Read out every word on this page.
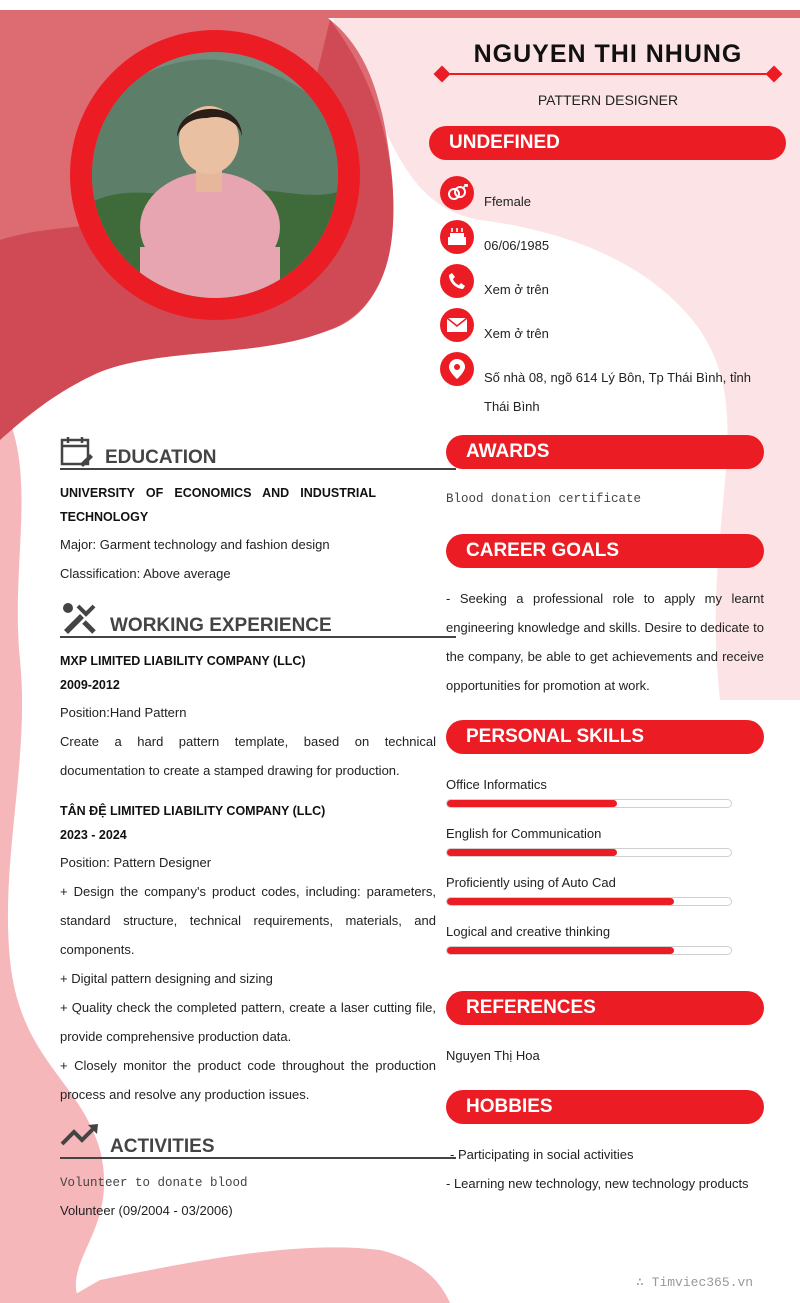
NGUYEN THI NHUNG
PATTERN DESIGNER
UNDEFINED
Ffemale
06/06/1985
Xem ở trên
Xem ở trên
Số nhà 08, ngõ 614 Lý Bôn, Tp Thái Bình, tỉnh
Thái Bình
EDUCATION
UNIVERSITY OF ECONOMICS AND INDUSTRIAL
TECHNOLOGY
Major: Garment technology and fashion design
Classification: Above average
WORKING EXPERIENCE
MXP LIMITED LIABILITY COMPANY (LLC)
2009-2012
Position:Hand Pattern
Create a hard pattern template, based on technical documentation to create a stamped drawing for production.
TÂN ĐỆ LIMITED LIABILITY COMPANY (LLC)
2023 - 2024
Position: Pattern Designer
+ Design the company's product codes, including: parameters, standard structure, technical requirements, materials, and components.
+ Digital pattern designing and sizing
+ Quality check the completed pattern, create a laser cutting file, provide comprehensive production data.
+ Closely monitor the product code throughout the production process and resolve any production issues.
ACTIVITIES
Volunteer to donate blood
Volunteer (09/2004 - 03/2006)
AWARDS
Blood donation certificate
CAREER GOALS
- Seeking a professional role to apply my learnt engineering knowledge and skills. Desire to dedicate to the company, be able to get achievements and receive opportunities for promotion at work.
PERSONAL SKILLS
Office Informatics
English for Communication
Proficiently using of Auto Cad
Logical and creative thinking
REFERENCES
Nguyen Thị Hoa
HOBBIES
- Participating in social activities
- Learning new technology, new technology products
∴ Timviec365.vn
